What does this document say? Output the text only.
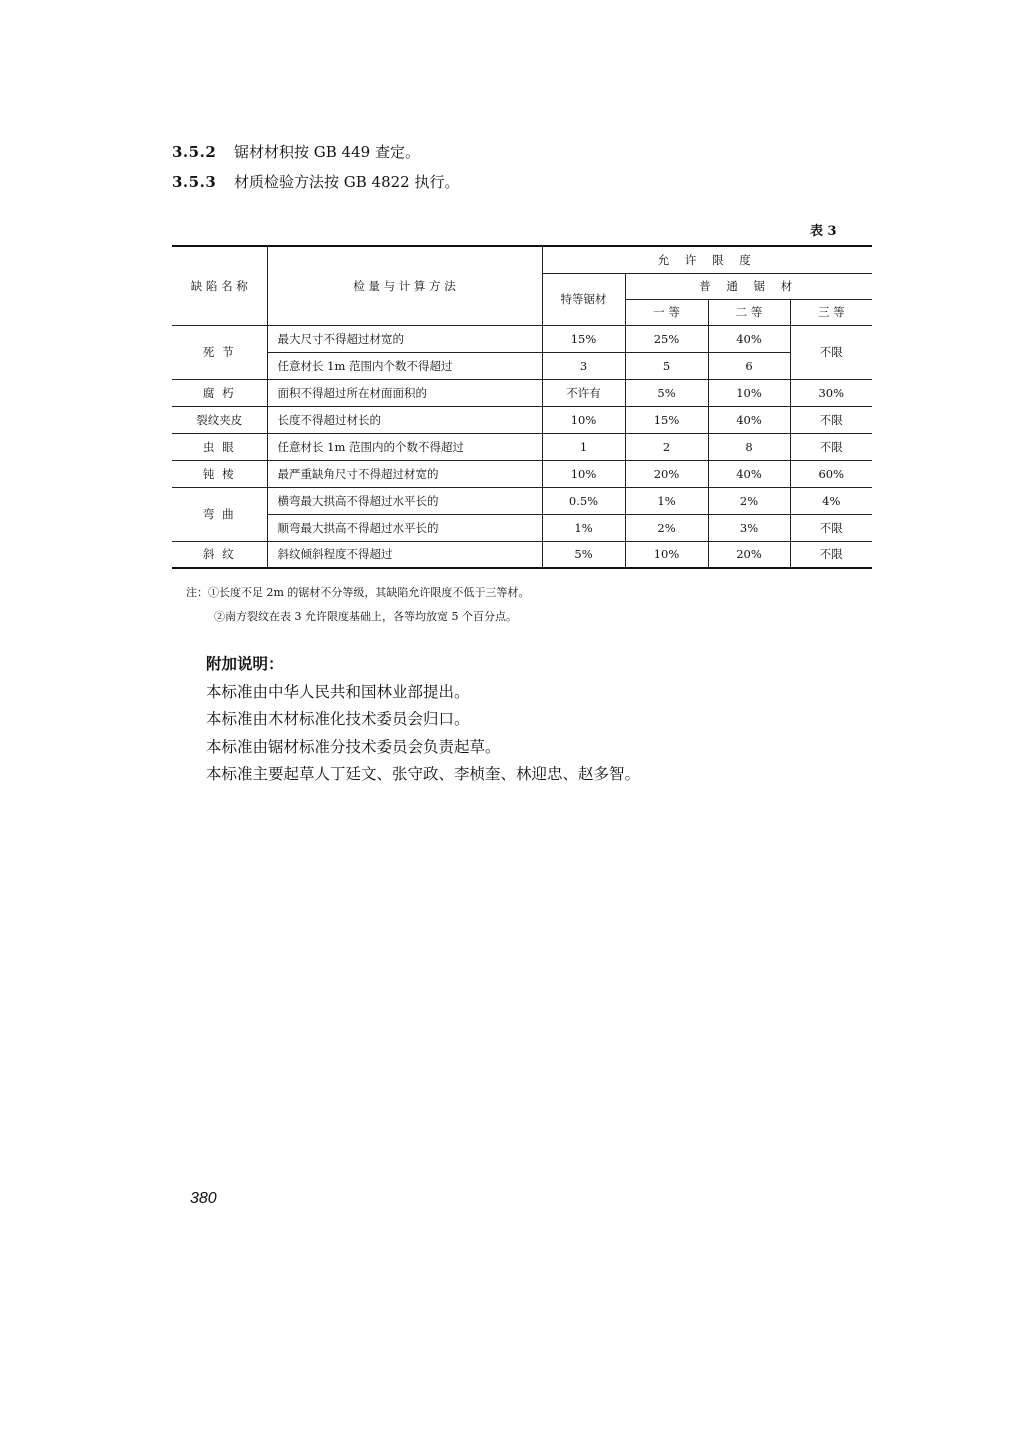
3.5.2 锯材材积按 GB 449 查定。
3.5.3 材质检验方法按 GB 4822 执行。
表 3
缺 陷 名 称	检 量 与 计 算 方 法	允 许 限 度			
		特等锯材	普 通 锯 材		
			一 等	二 等	三 等
死 节	最大尺寸不得超过材宽的	15%	25%	40%	不限
	任意材长 1m 范围内个数不得超过	3	5	6	
腐 朽	面积不得超过所在材面面积的	不许有	5%	10%	30%
裂纹夹皮	长度不得超过材长的	10%	15%	40%	不限
虫 眼	任意材长 1m 范围内的个数不得超过	1	2	8	不限
钝 棱	最严重缺角尺寸不得超过材宽的	10%	20%	40%	60%
弯 曲	横弯最大拱高不得超过水平长的	0.5%	1%	2%	4%
	顺弯最大拱高不得超过水平长的	1%	2%	3%	不限
斜 纹	斜纹倾斜程度不得超过	5%	10%	20%	不限
注：①长度不足 2m 的锯材不分等级，其缺陷允许限度不低于三等材。
②南方裂纹在表 3 允许限度基础上，各等均放宽 5 个百分点。
附加说明：
本标准由中华人民共和国林业部提出。
本标准由木材标准化技术委员会归口。
本标准由锯材标准分技术委员会负责起草。
本标准主要起草人丁廷文、张守政、李桢奎、林迎忠、赵多智。
380
